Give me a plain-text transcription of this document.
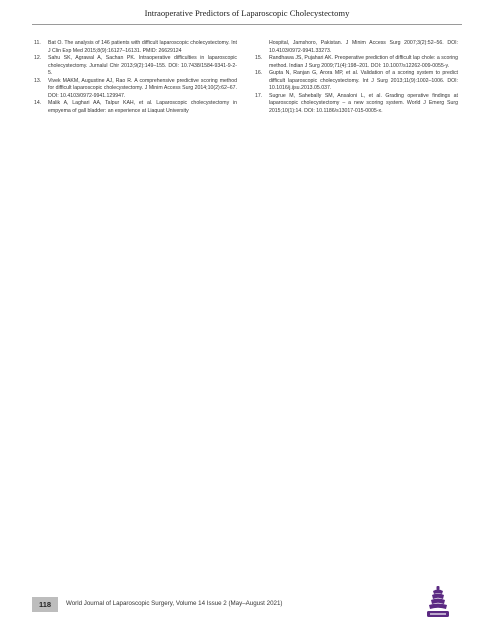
Intraoperative Predictors of Laparoscopic Cholecystectomy
11. Bat O. The analysis of 146 patients with difficult laparoscopic cholecystectomy. Int J Clin Exp Med 2015;8(9):16127–16131. PMID: 26629124
12. Sahu SK, Agrawal A, Sachan PK. Intraoperative difficulties in laparoscopic cholecystectomy. Jurnalul Chir 2013;9(2):149–155. DOI: 10.7438/1584-9341-9-2-5.
13. Vivek MAKM, Augustine AJ, Rao R. A comprehensive predictive scoring method for difficult laparoscopic cholecystectomy. J Minim Access Surg 2014;10(2):62–67. DOI: 10.4103/0972-9941.129947.
14. Malik A, Laghari AA, Talpur KAH, et al. Laparoscopic cholecystectomy in empyema of gall bladder: an experience at Liaquat University
Hospital, Jamshoro, Pakistan. J Minim Access Surg 2007;3(2):52–56. DOI: 10.4103/0972-9941.33273.
15. Randhawa JS, Pujahari AK. Preoperative prediction of difficult lap chole: a scoring method. Indian J Surg 2009;71(4):198–201. DOI: 10.1007/s12262-009-0055-y.
16. Gupta N, Ranjan G, Arora MP, et al. Validation of a scoring system to predict difficult laparoscopic cholecystectomy. Int J Surg 2013;11(9):1002–1006. DOI: 10.1016/j.ijsu.2013.05.037.
17. Sugrue M, Sahebally SM, Ansaloni L, et al. Grading operative findings at laparoscopic cholecystectomy – a new scoring system. World J Emerg Surg 2015;10(1):14. DOI: 10.1186/s13017-015-0005-x.
118	World Journal of Laparoscopic Surgery, Volume 14 Issue 2 (May–August 2021)
